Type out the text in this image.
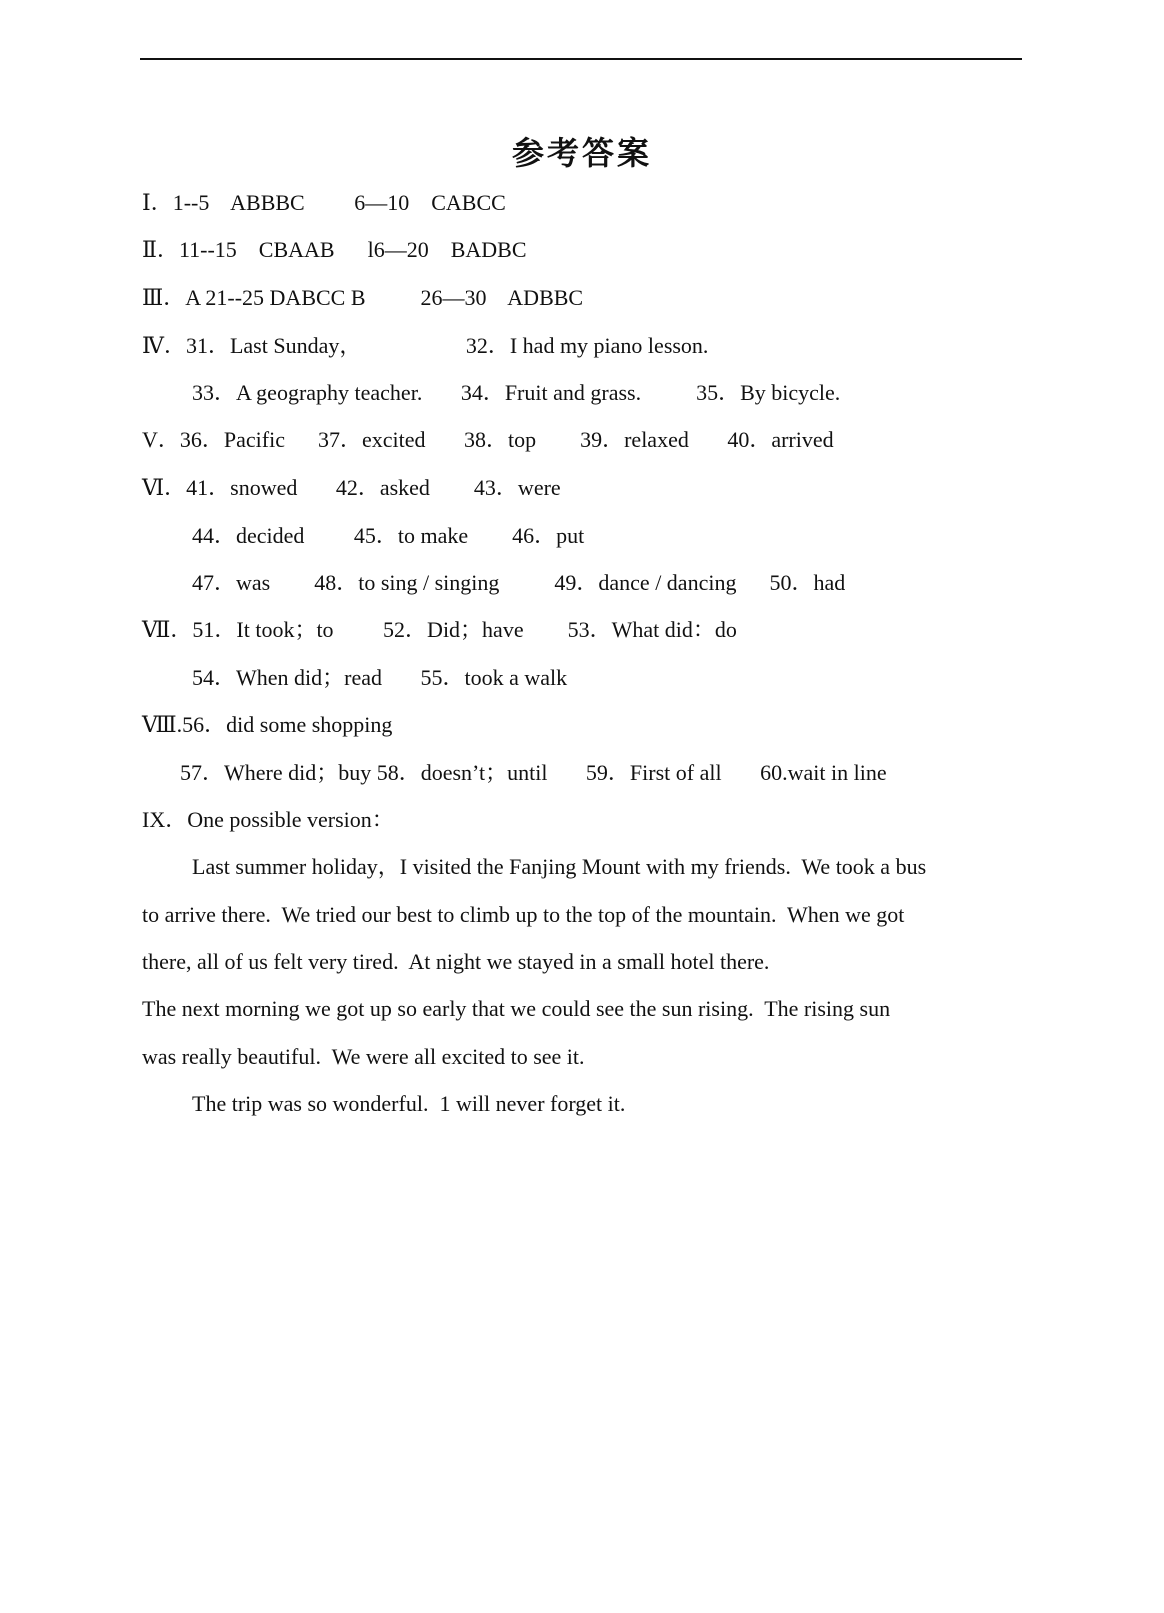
参考答案
Ⅰ．1--5    ABBBC         6—10    CABCC
Ⅱ．11--15    CBAAB      l6—20    BADBC
Ⅲ．A 21--25 DABCC B          26—30    ADBBC
Ⅳ．31．Last Sunday，                   32．I had my piano lesson.
33．A geography teacher.       34．Fruit and grass.          35．By bicycle.
V．36．Pacific      37．excited       38．top        39．relaxed       40．arrived
Ⅵ．41．snowed       42．asked        43．were
44．decided         45．to make        46．put
47．was        48．to sing / singing          49．dance / dancing      50．had
Ⅶ．51．It took；to         52．Did；have        53．What did：do
54．When did；read       55．took a walk
Ⅷ.56．did some shopping
57．Where did；buy 58．doesn’t；until       59．First of all       60.wait in line
IX．One possible version：
Last summer holiday，I visited the Fanjing Mount with my friends.  We took a bus
to arrive there.  We tried our best to climb up to the top of the mountain.  When we got
there, all of us felt very tired.  At night we stayed in a small hotel there.
The next morning we got up so early that we could see the sun rising.  The rising sun
was really beautiful.  We were all excited to see it.
The trip was so wonderful.  1 will never forget it.
